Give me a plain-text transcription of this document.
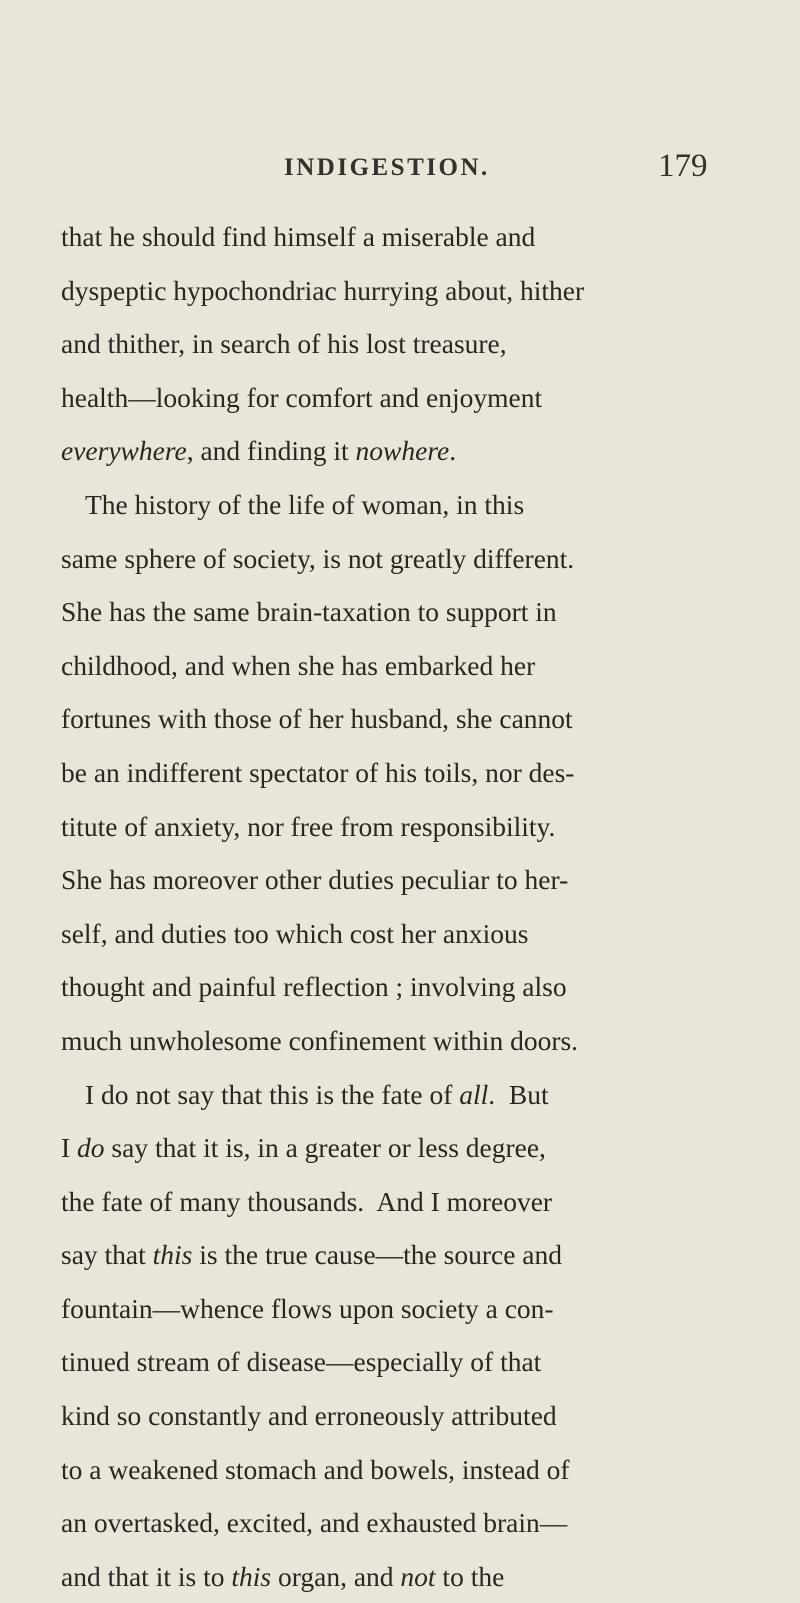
INDIGESTION.	179
that he should find himself a miserable and
dyspeptic hypochondriac hurrying about, hither
and thither, in search of his lost treasure,
health—looking for comfort and enjoyment
everywhere, and finding it nowhere.
The history of the life of woman, in this
same sphere of society, is not greatly different.
She has the same brain-taxation to support in
childhood, and when she has embarked her
fortunes with those of her husband, she cannot
be an indifferent spectator of his toils, nor des-
titute of anxiety, nor free from responsibility.
She has moreover other duties peculiar to her-
self, and duties too which cost her anxious
thought and painful reflection ; involving also
much unwholesome confinement within doors.
I do not say that this is the fate of all.  But
I do say that it is, in a greater or less degree,
the fate of many thousands.  And I moreover
say that this is the true cause—the source and
fountain—whence flows upon society a con-
tinued stream of disease—especially of that
kind so constantly and erroneously attributed
to a weakened stomach and bowels, instead of
an overtasked, excited, and exhausted brain—
and that it is to this organ, and not to the
